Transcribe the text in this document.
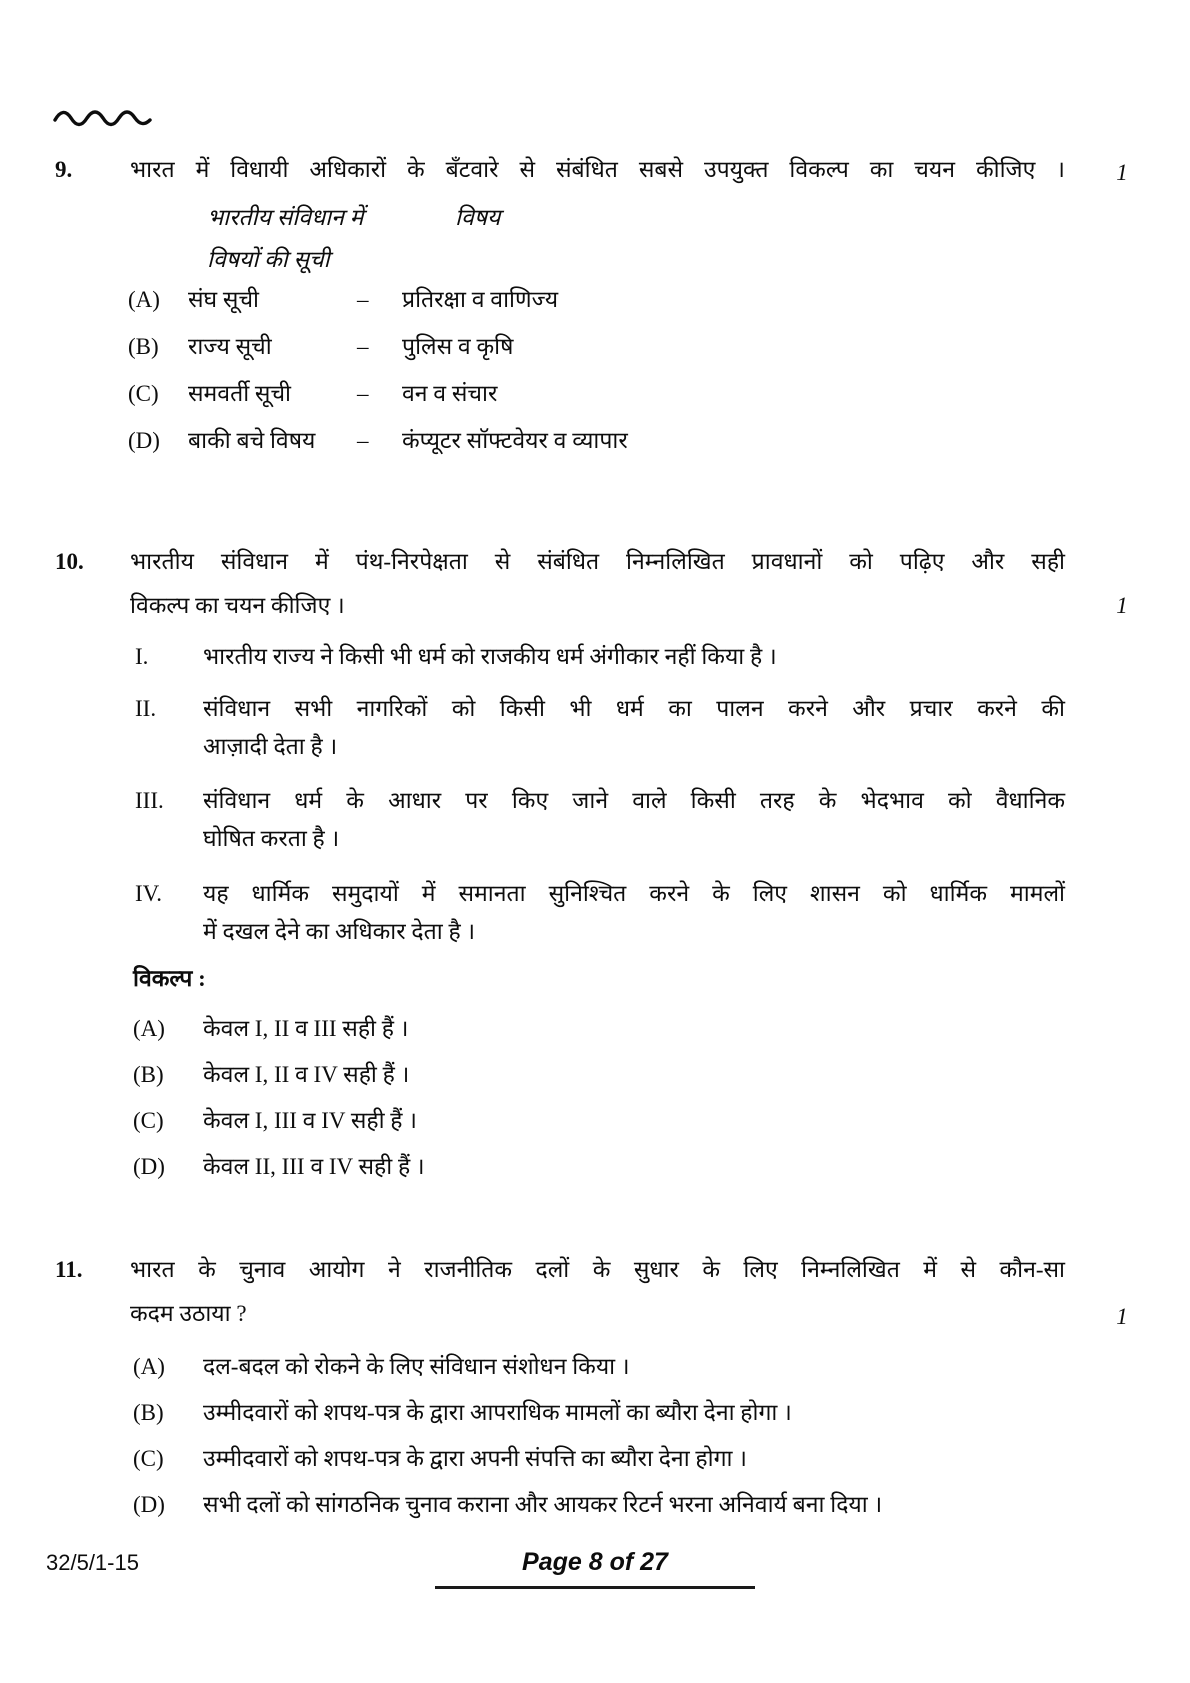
9.	भारत में विधायी अधिकारों के बँटवारे से संबंधित सबसे उपयुक्त विकल्प का चयन कीजिए ।	1
भारतीय संविधान में	विषय
विषयों की सूची
(A) संघ सूची	– प्रतिरक्षा व वाणिज्य
(B) राज्य सूची	– पुलिस व कृषि
(C) समवर्ती सूची	– वन व संचार
(D) बाकी बचे विषय – कंप्यूटर सॉफ्टवेयर व व्यापार
10. भारतीय संविधान में पंथ-निरपेक्षता से संबंधित निम्नलिखित प्रावधानों को पढ़िए और सही
विकल्प का चयन कीजिए ।	1
I. भारतीय राज्य ने किसी भी धर्म को राजकीय धर्म अंगीकार नहीं किया है ।
II. संविधान सभी नागरिकों को किसी भी धर्म का पालन करने और प्रचार करने की
आज़ादी देता है ।
III. संविधान धर्म के आधार पर किए जाने वाले किसी तरह के भेदभाव को वैधानिक
घोषित करता है ।
IV. यह धार्मिक समुदायों में समानता सुनिश्चित करने के लिए शासन को धार्मिक मामलों
में दखल देने का अधिकार देता है ।
विकल्प :
(A) केवल I, II व III सही हैं ।
(B) केवल I, II व IV सही हैं ।
(C) केवल I, III व IV सही हैं ।
(D) केवल II, III व IV सही हैं ।
11. भारत के चुनाव आयोग ने राजनीतिक दलों के सुधार के लिए निम्नलिखित में से कौन-सा
कदम उठाया ?	1
(A) दल-बदल को रोकने के लिए संविधान संशोधन किया ।
(B) उम्मीदवारों को शपथ-पत्र के द्वारा आपराधिक मामलों का ब्यौरा देना होगा ।
(C) उम्मीदवारों को शपथ-पत्र के द्वारा अपनी संपत्ति का ब्यौरा देना होगा ।
(D) सभी दलों को सांगठनिक चुनाव कराना और आयकर रिटर्न भरना अनिवार्य बना दिया ।
32/5/1-15	Page 8 of 27
